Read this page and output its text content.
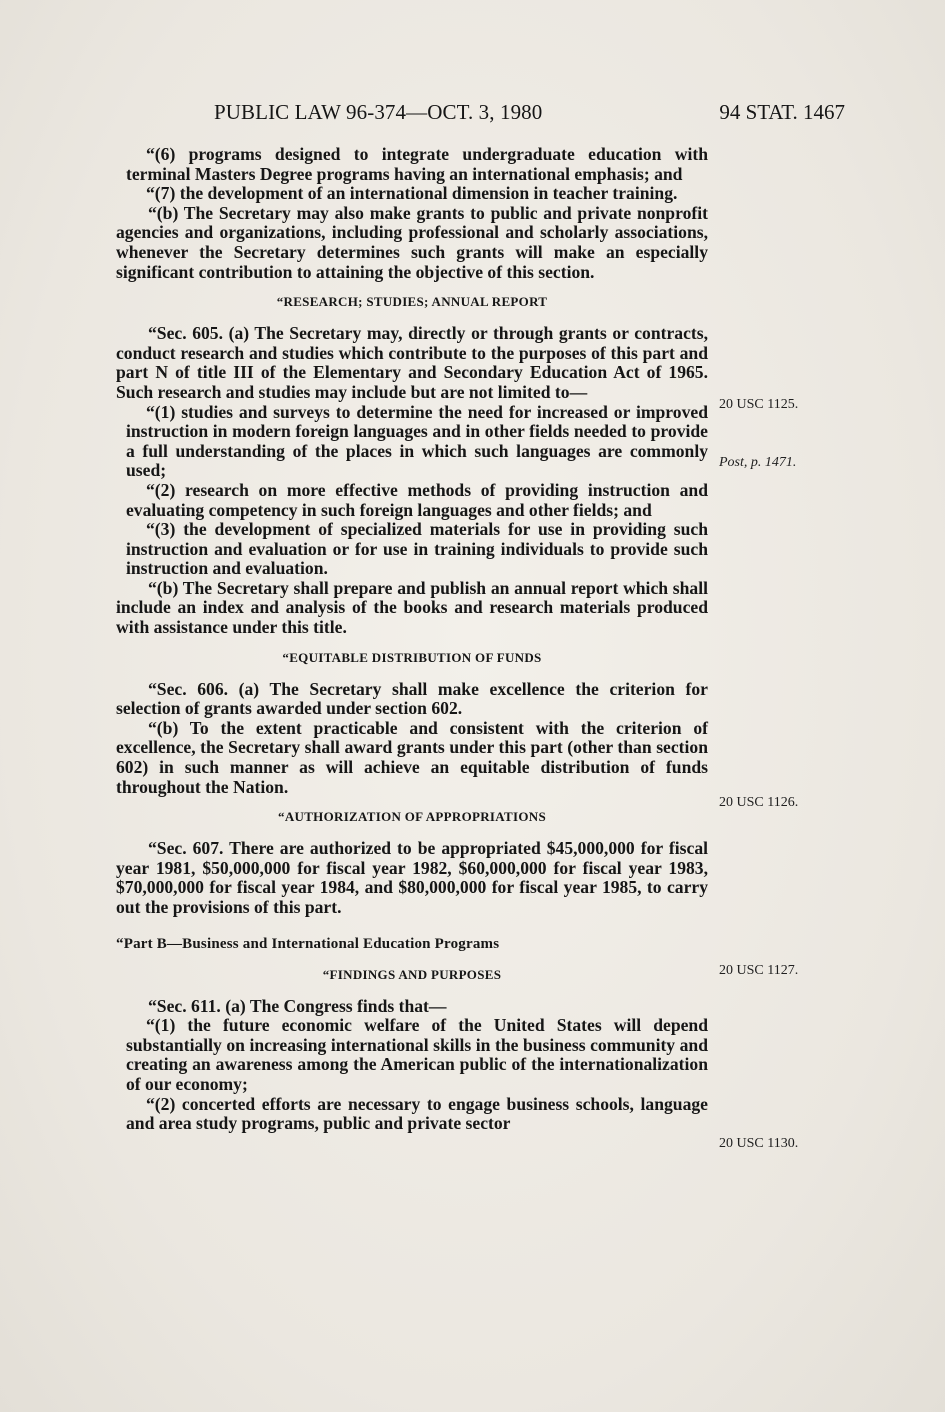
PUBLIC LAW 96-374—OCT. 3, 1980	94 STAT. 1467

“(6) programs designed to integrate undergraduate education with terminal Masters Degree programs having an international emphasis; and

“(7) the development of an international dimension in teacher training.

“(b) The Secretary may also make grants to public and private nonprofit agencies and organizations, including professional and scholarly associations, whenever the Secretary determines such grants will make an especially significant contribution to attaining the objective of this section.

“RESEARCH; STUDIES; ANNUAL REPORT

“Sec. 605. (a) The Secretary may, directly or through grants or contracts, conduct research and studies which contribute to the purposes of this part and part N of title III of the Elementary and Secondary Education Act of 1965. Such research and studies may include but are not limited to—

“(1) studies and surveys to determine the need for increased or improved instruction in modern foreign languages and in other fields needed to provide a full understanding of the places in which such languages are commonly used;

“(2) research on more effective methods of providing instruction and evaluating competency in such foreign languages and other fields; and

“(3) the development of specialized materials for use in providing such instruction and evaluation or for use in training individuals to provide such instruction and evaluation.

“(b) The Secretary shall prepare and publish an annual report which shall include an index and analysis of the books and research materials produced with assistance under this title.

“EQUITABLE DISTRIBUTION OF FUNDS

“Sec. 606. (a) The Secretary shall make excellence the criterion for selection of grants awarded under section 602.

“(b) To the extent practicable and consistent with the criterion of excellence, the Secretary shall award grants under this part (other than section 602) in such manner as will achieve an equitable distribution of funds throughout the Nation.

“AUTHORIZATION OF APPROPRIATIONS

“Sec. 607. There are authorized to be appropriated $45,000,000 for fiscal year 1981, $50,000,000 for fiscal year 1982, $60,000,000 for fiscal year 1983, $70,000,000 for fiscal year 1984, and $80,000,000 for fiscal year 1985, to carry out the provisions of this part.

“Part B—Business and International Education Programs
“FINDINGS AND PURPOSES

“Sec. 611. (a) The Congress finds that—

“(1) the future economic welfare of the United States will depend substantially on increasing international skills in the business community and creating an awareness among the American public of the internationalization of our economy;

“(2) concerted efforts are necessary to engage business schools, language and area study programs, public and private sector

20 USC 1125.
Post, p. 1471.
20 USC 1126.
20 USC 1127.
20 USC 1130.
